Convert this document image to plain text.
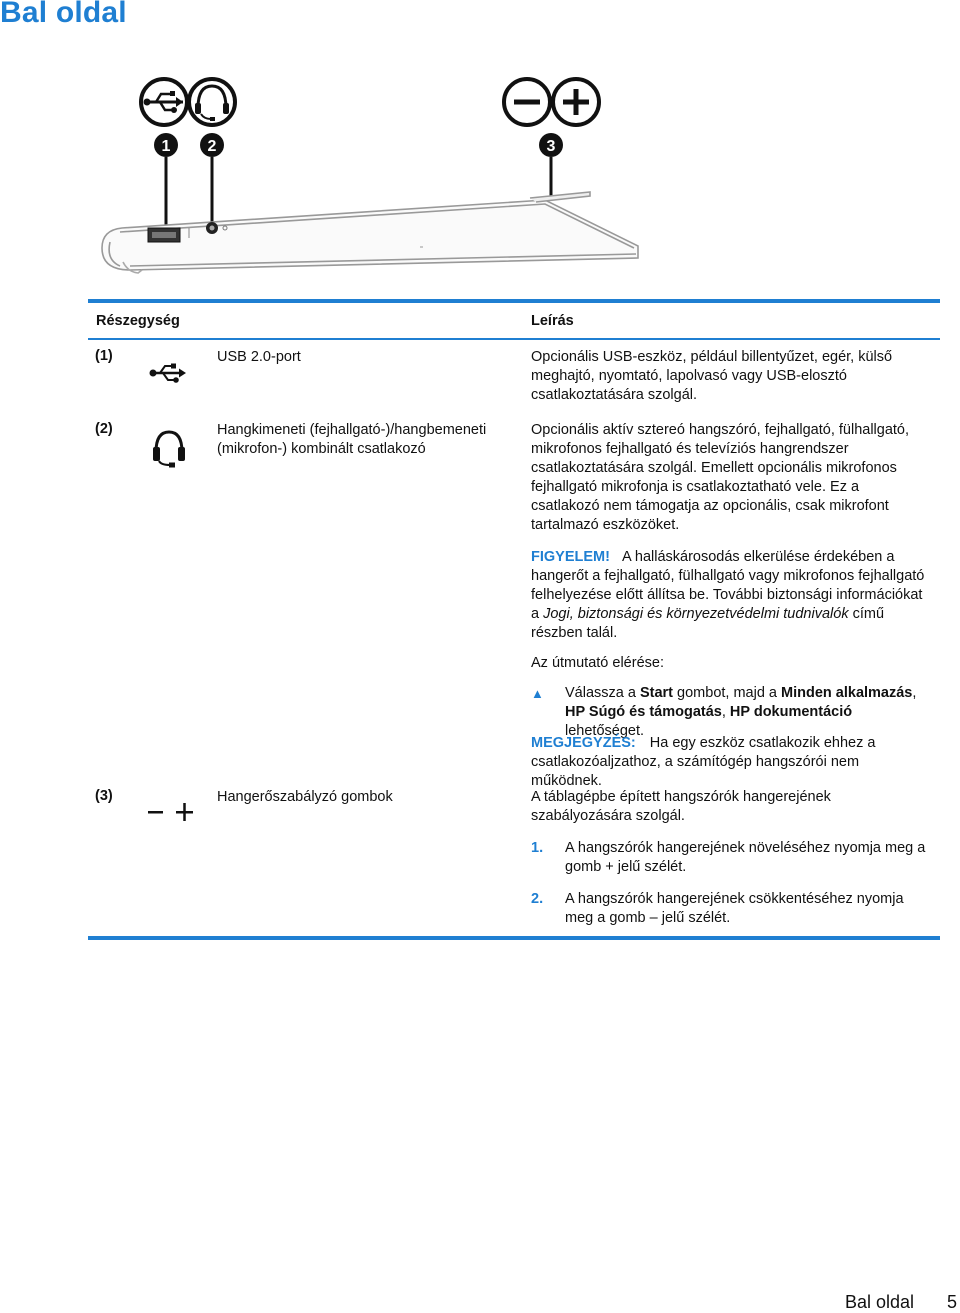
Bal oldal
1 2	3
Részegység	Leírás
(1)	USB 2.0-port	Opcionális USB-eszköz, például billentyűzet, egér, külső meghajtó, nyomtató, lapolvasó vagy USB-elosztó csatlakoztatására szolgál.
(2)	Hangkimeneti (fejhallgató-)/hangbemeneti (mikrofon-) kombinált csatlakozó
Opcionális aktív sztereó hangszóró, fejhallgató, fülhallgató, mikrofonos fejhallgató és televíziós hangrendszer csatlakoztatására szolgál. Emellett opcionális mikrofonos fejhallgató mikrofonja is csatlakoztatható vele. Ez a csatlakozó nem támogatja az opcionális, csak mikrofont tartalmazó eszközöket.
FIGYELEM! A halláskárosodás elkerülése érdekében a hangerőt a fejhallgató, fülhallgató vagy mikrofonos fejhallgató felhelyezése előtt állítsa be. További biztonsági információkat a Jogi, biztonsági és környezetvédelmi tudnivalók című részben talál.
Az útmutató elérése:
▲ Válassza a Start gombot, majd a Minden alkalmazás, HP Súgó és támogatás, HP dokumentáció lehetőséget.
MEGJEGYZÉS: Ha egy eszköz csatlakozik ehhez a csatlakozóaljzathoz, a számítógép hangszórói nem működnek.
(3)	Hangerőszabályzó gombok	A táblagépbe épített hangszórók hangerejének szabályozására szolgál.
1. A hangszórók hangerejének növeléséhez nyomja meg a gomb + jelű szélét.
2. A hangszórók hangerejének csökkentéséhez nyomja meg a gomb – jelű szélét.
Bal oldal 5
